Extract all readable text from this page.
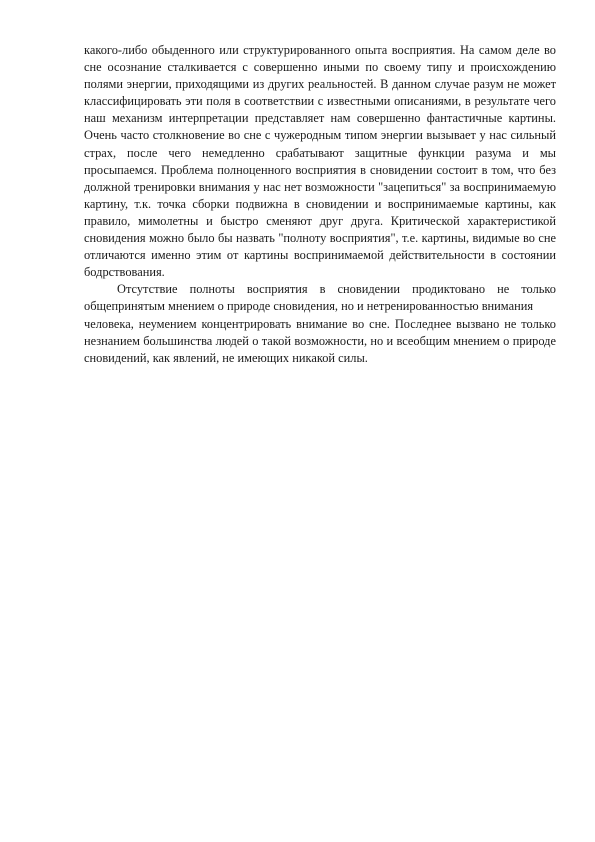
какого-либо обыденного или структурированного опыта восприятия. На самом деле во сне осознание сталкивается с совершенно иными по своему типу и происхождению полями энергии, приходящими из других реальностей. В данном случае разум не может классифицировать эти поля в соответствии с известными описаниями, в результате чего наш механизм интерпретации представляет нам совершенно фантастичные картины. Очень часто столкновение во сне с чужеродным типом энергии вызывает у нас сильный страх, после чего немедленно срабатывают защитные функции разума и мы просыпаемся. Проблема полноценного восприятия в сновидении состоит в том, что без должной тренировки внимания у нас нет возможности "зацепиться" за воспринимаемую картину, т.к. точка сборки подвижна в сновидении и воспринимаемые картины, как правило, мимолетны и быстро сменяют друг друга. Критической характеристикой сновидения можно было бы назвать "полноту восприятия", т.е. картины, видимые во сне отличаются именно этим от картины воспринимаемой действительности в состоянии бодрствования.

Отсутствие полноты восприятия в сновидении продиктовано не только общепринятым мнением о природе сновидения, но и нетренированностью внимания

человека, неумением концентрировать внимание во сне. Последнее вызвано не только незнанием большинства людей о такой возможности, но и всеобщим мнением о природе сновидений, как явлений, не имеющих никакой силы.
